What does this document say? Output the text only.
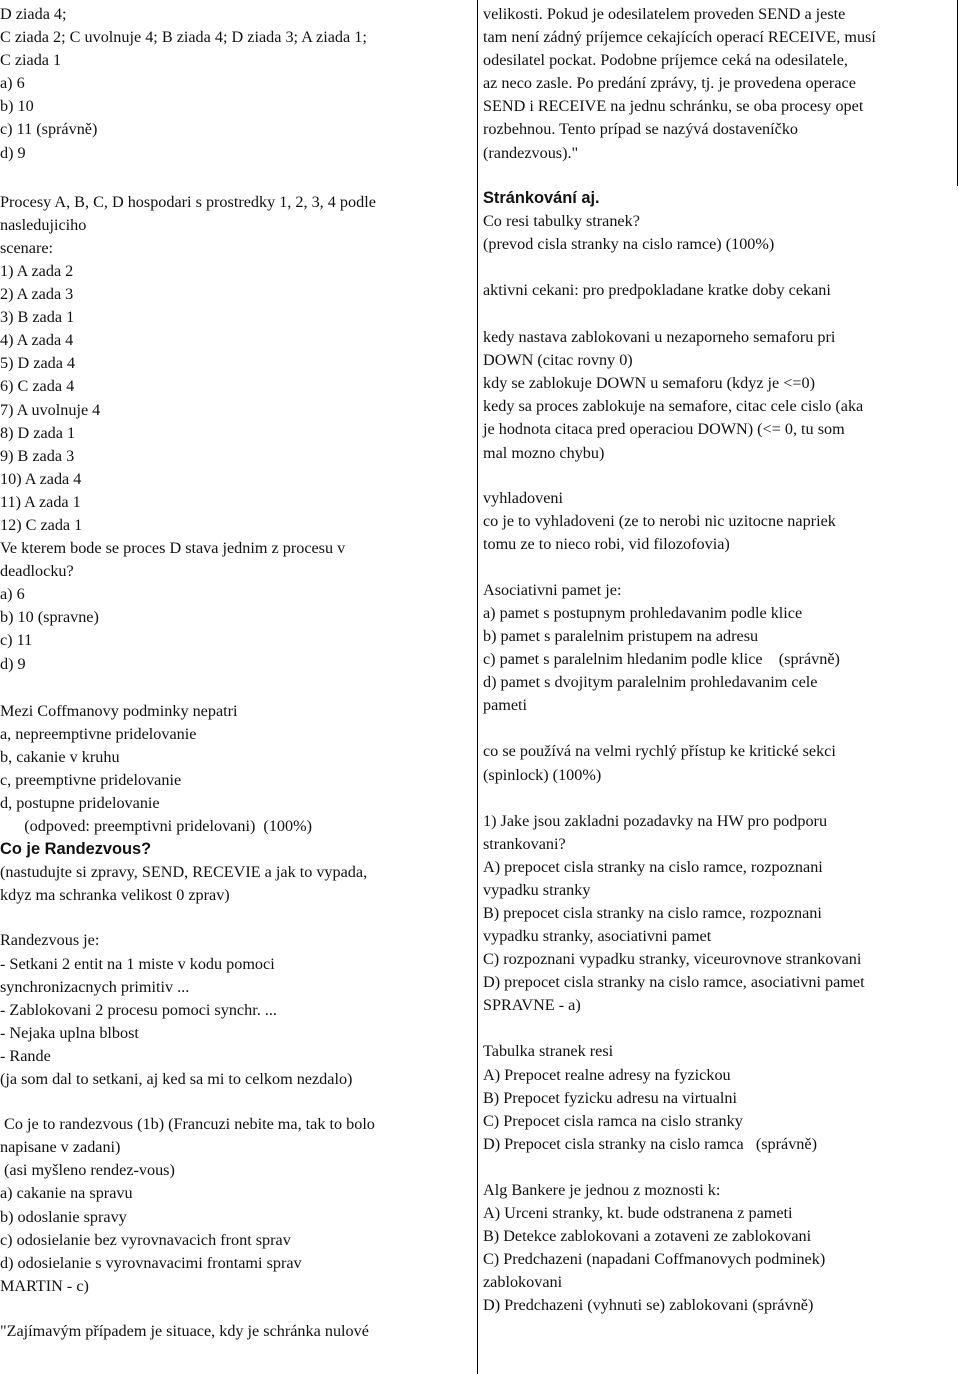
D ziada 4;
C ziada 2; C uvolnuje 4; B ziada 4; D ziada 3; A ziada 1;
C ziada 1
a) 6
b) 10
c) 11 (správně)
d) 9
Procesy A, B, C, D hospodari s prostredky 1, 2, 3, 4 podle
nasledujiciho
scenare:
1) A zada 2
2) A zada 3
3) B zada 1
4) A zada 4
5) D zada 4
6) C zada 4
7) A uvolnuje 4
8) D zada 1
9) B zada 3
10) A zada 4
11) A zada 1
12) C zada 1
Ve kterem bode se proces D stava jednim z procesu v
deadlocku?
a) 6
b) 10 (spravne)
c) 11
d) 9
Mezi Coffmanovy podminky nepatri
a, nepreemptivne pridelovanie
b, cakanie v kruhu
c, preemptivne pridelovanie
d, postupne pridelovanie
(odpoved: preemptivni pridelovani)  (100%)
Co je Randezvous?
(nastudujte si zpravy, SEND, RECEVIE a jak to vypada,
kdyz ma schranka velikost 0 zprav)
Randezvous je:
- Setkani 2 entit na 1 miste v kodu pomoci
synchronizacnych primitiv ...
- Zablokovani 2 procesu pomoci synchr. ...
- Nejaka uplna blbost
- Rande
(ja som dal to setkani, aj ked sa mi to celkom nezdalo)
Co je to randezvous (1b) (Francuzi nebite ma, tak to bolo
napisane v zadani)
(asi myšleno rendez-vous)
a) cakanie na spravu
b) odoslanie spravy
c) odosielanie bez vyrovnavacich front sprav
d) odosielanie s vyrovnavacimi frontami sprav
MARTIN - c)
"Zajímavým případem je situace, kdy je schránka nulové
velikosti. Pokud je odesilatelem proveden SEND a jeste
tam není zádný príjemce cekajících operací RECEIVE, musí
odesilatel pockat. Podobne príjemce ceká na odesilatele,
az neco zasle. Po predání zprávy, tj. je provedena operace
SEND i RECEIVE na jednu schránku, se oba procesy opet
rozbehnou. Tento prípad se nazývá dostaveníčko
(randezvous)."
Stránkování aj.
Co resi tabulky stranek?
(prevod cisla stranky na cislo ramce) (100%)
aktivni cekani: pro predpokladane kratke doby cekani
kedy nastava zablokovani u nezaporneho semaforu pri
DOWN (citac rovny 0)
kdy se zablokuje DOWN u semaforu (kdyz je <=0)
kedy sa proces zablokuje na semafore, citac cele cislo (aka
je hodnota citaca pred operaciou DOWN) (<= 0, tu som
mal mozno chybu)
vyhladoveni
co je to vyhladoveni (ze to nerobi nic uzitocne napriek
tomu ze to nieco robi, vid filozofovia)
Asociativni pamet je:
a) pamet s postupnym prohledavanim podle klice
b) pamet s paralelnim pristupem na adresu
c) pamet s paralelnim hledanim podle klice    (správně)
d) pamet s dvojitym paralelnim prohledavanim cele
pameti
co se používá na velmi rychlý přístup ke kritické sekci
(spinlock) (100%)
1) Jake jsou zakladni pozadavky na HW pro podporu
strankovani?
A) prepocet cisla stranky na cislo ramce, rozpoznani
vypadku stranky
B) prepocet cisla stranky na cislo ramce, rozpoznani
vypadku stranky, asociativni pamet
C) rozpoznani vypadku stranky, viceurovnove strankovani
D) prepocet cisla stranky na cislo ramce, asociativni pamet
SPRAVNE - a)
Tabulka stranek resi
A) Prepocet realne adresy na fyzickou
B) Prepocet fyzicku adresu na virtualni
C) Prepocet cisla ramca na cislo stranky
D) Prepocet cisla stranky na cislo ramca   (správně)
Alg Bankere je jednou z moznosti k:
A) Urceni stranky, kt. bude odstranena z pameti
B) Detekce zablokovani a zotaveni ze zablokovani
C) Predchazeni (napadani Coffmanovych podminek)
zablokovani
D) Predchazeni (vyhnuti se) zablokovani (správně)
